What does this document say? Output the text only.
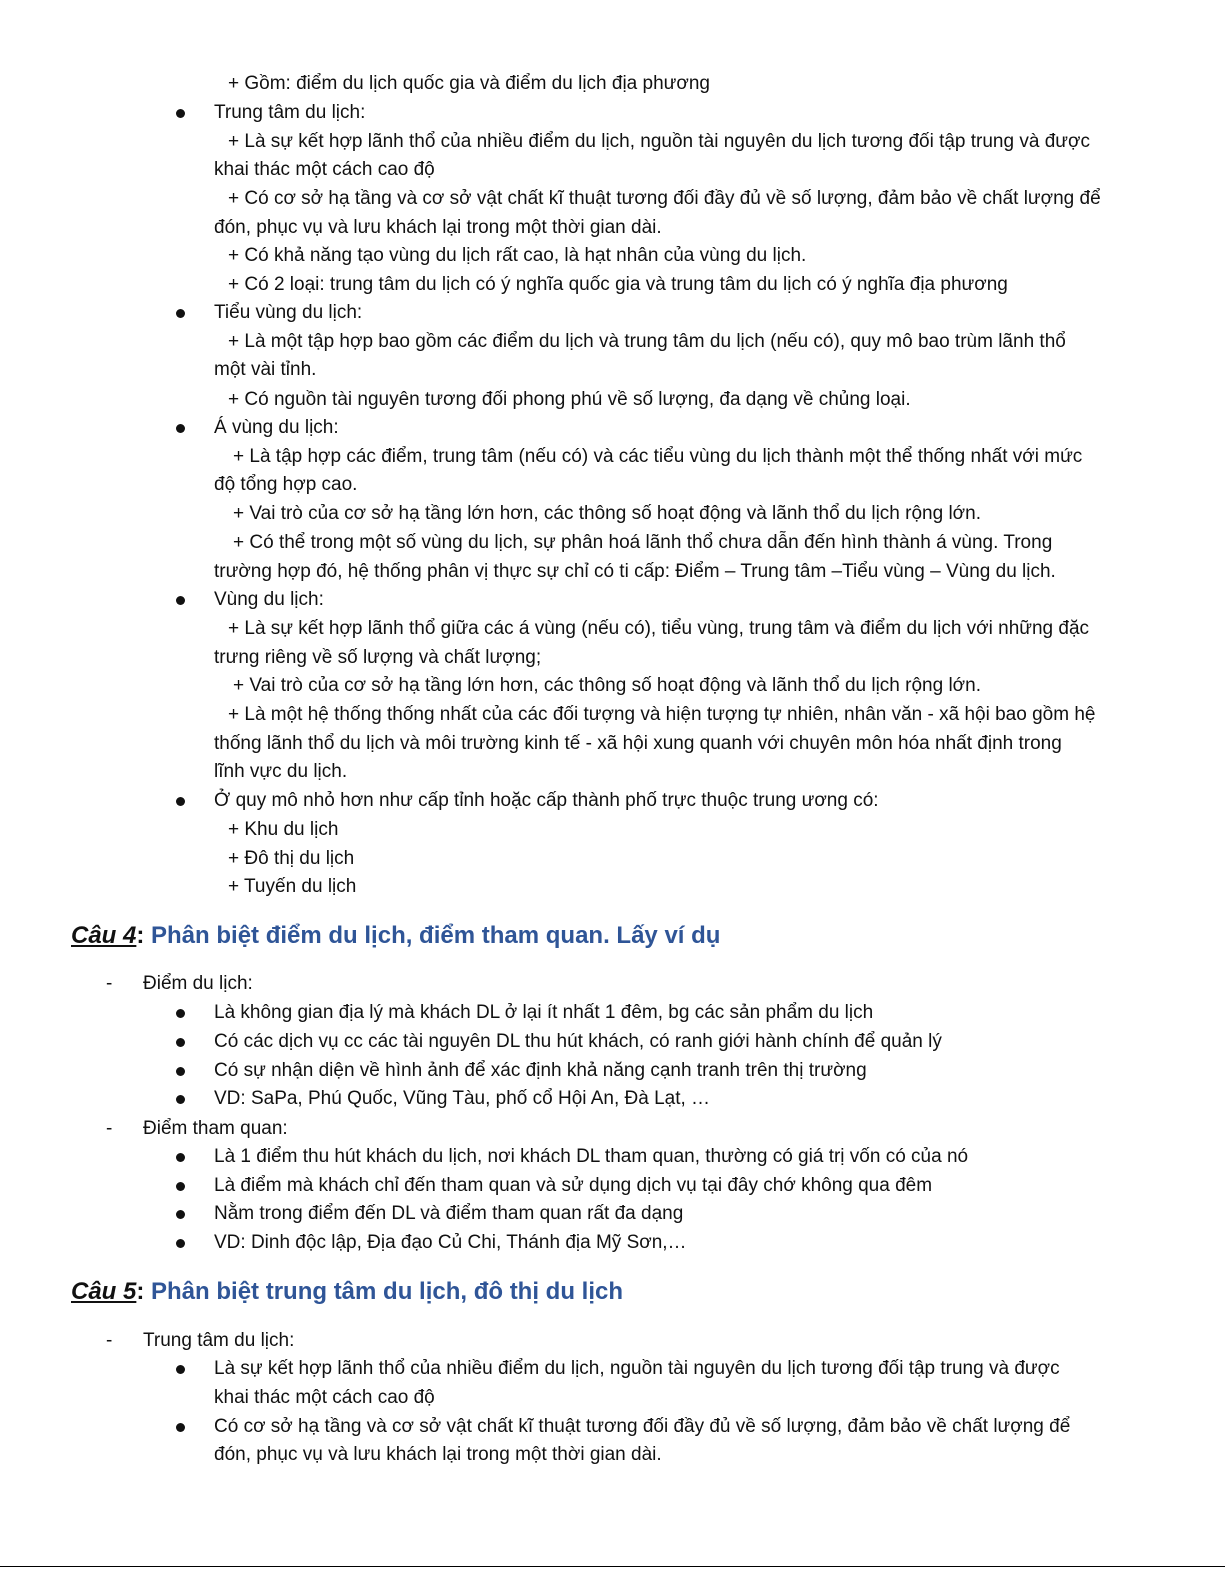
+ Gồm: điểm du lịch quốc gia và điểm du lịch địa phương
Trung tâm du lịch:
+ Là sự kết hợp lãnh thổ của nhiều điểm du lịch, nguồn tài nguyên du lịch tương đối tập trung và được
khai thác một cách cao độ
+ Có cơ sở hạ tầng và cơ sở vật chất kĩ thuật tương đối đầy đủ về số lượng, đảm bảo về chất lượng để
đón, phục vụ và lưu khách lại trong một thời gian dài.
+ Có khả năng tạo vùng du lịch rất cao, là hạt nhân của vùng du lịch.
+ Có 2 loại: trung tâm du lịch có ý nghĩa quốc gia và trung tâm du lịch có ý nghĩa địa phương
Tiểu vùng du lịch:
+ Là một tập hợp bao gồm các điểm du lịch và trung tâm du lịch (nếu có), quy mô bao trùm lãnh thổ
một vài tỉnh.
+ Có nguồn tài nguyên tương đối phong phú về số lượng, đa dạng về chủng loại.
Á vùng du lịch:
+ Là tập hợp các điểm, trung tâm (nếu có) và các tiểu vùng du lịch thành một thể thống nhất với mức
độ tổng hợp cao.
+ Vai trò của cơ sở hạ tầng lớn hơn, các thông số hoạt động và lãnh thổ du lịch rộng lớn.
+ Có thể trong một số vùng du lịch, sự phân hoá lãnh thổ chưa dẫn đến hình thành á vùng. Trong
trường hợp đó, hệ thống phân vị thực sự chỉ có ti cấp: Điểm – Trung tâm –Tiểu vùng – Vùng du lịch.
Vùng du lịch:
+ Là sự kết hợp lãnh thổ giữa các á vùng (nếu có), tiểu vùng, trung tâm và điểm du lịch với những đặc
trưng riêng về số lượng và chất lượng;
+ Vai trò của cơ sở hạ tầng lớn hơn, các thông số hoạt động và lãnh thổ du lịch rộng lớn.
+ Là một hệ thống thống nhất của các đối tượng và hiện tượng tự nhiên, nhân văn - xã hội bao gồm hệ
thống lãnh thổ du lịch và môi trường kinh tế - xã hội xung quanh với chuyên môn hóa nhất định trong
lĩnh vực du lịch.
Ở quy mô nhỏ hơn như cấp tỉnh hoặc cấp thành phố trực thuộc trung ương có:
+ Khu du lịch
+ Đô thị du lịch
+ Tuyến du lịch
Câu 4: Phân biệt điểm du lịch, điểm tham quan. Lấy ví dụ
- Điểm du lịch:
Là không gian địa lý mà khách DL ở lại ít nhất 1 đêm, bg các sản phẩm du lịch
Có các dịch vụ cc các tài nguyên DL thu hút khách, có ranh giới hành chính để quản lý
Có sự nhận diện về hình ảnh để xác định khả năng cạnh tranh trên thị trường
VD: SaPa, Phú Quốc, Vũng Tàu, phố cổ Hội An, Đà Lạt, …
- Điểm tham quan:
Là 1 điểm thu hút khách du lịch, nơi khách DL tham quan, thường có giá trị vốn có của nó
Là điểm mà khách chỉ đến tham quan và sử dụng dịch vụ tại đây chớ không qua đêm
Nằm trong điểm đến DL và điểm tham quan rất đa dạng
VD: Dinh độc lập, Địa đạo Củ Chi, Thánh địa Mỹ Sơn,…
Câu 5: Phân biệt trung tâm du lịch, đô thị du lịch
- Trung tâm du lịch:
Là sự kết hợp lãnh thổ của nhiều điểm du lịch, nguồn tài nguyên du lịch tương đối tập trung và được
khai thác một cách cao độ
Có cơ sở hạ tầng và cơ sở vật chất kĩ thuật tương đối đầy đủ về số lượng, đảm bảo về chất lượng để
đón, phục vụ và lưu khách lại trong một thời gian dài.
